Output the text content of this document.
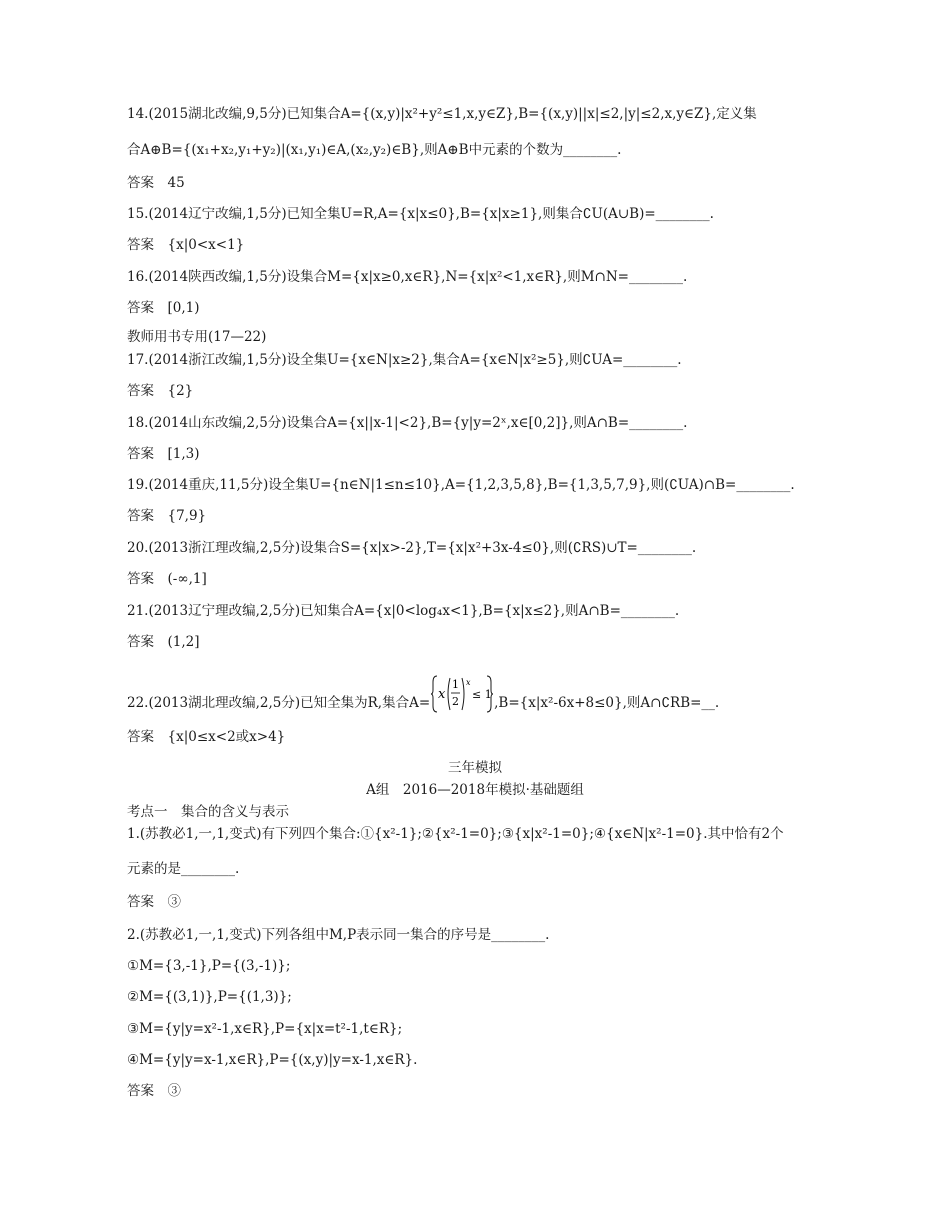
14.(2015湖北改编,9,5分)已知集合A={(x,y)|x²+y²≤1,x,y∈Z},B={(x,y)||x|≤2,|y|≤2,x,y∈Z},定义集
合A⊕B={(x₁+x₂,y₁+y₂)|(x₁,y₁)∈A,(x₂,y₂)∈B},则A⊕B中元素的个数为________.
答案　45
15.(2014辽宁改编,1,5分)已知全集U=R,A={x|x≤0},B={x|x≥1},则集合∁U(A∪B)=________.
答案　{x|0<x<1}
16.(2014陕西改编,1,5分)设集合M={x|x≥0,x∈R},N={x|x²<1,x∈R},则M∩N=________.
答案　[0,1)
教师用书专用(17—22)
17.(2014浙江改编,1,5分)设全集U={x∈N|x≥2},集合A={x∈N|x²≥5},则∁UA=________.
答案　{2}
18.(2014山东改编,2,5分)设集合A={x||x-1|<2},B={y|y=2ˣ,x∈[0,2]},则A∩B=________.
答案　[1,3)
19.(2014重庆,11,5分)设全集U={n∈N|1≤n≤10},A={1,2,3,5,8},B={1,3,5,7,9},则(∁UA)∩B=________.
答案　{7,9}
20.(2013浙江理改编,2,5分)设集合S={x|x>-2},T={x|x²+3x-4≤0},则(∁RS)∪T=________.
答案　(-∞,1]
21.(2013辽宁理改编,2,5分)已知集合A={x|0<log₄x<1},B={x|x≤2},则A∩B=________.
答案　(1,2]
22.(2013湖北理改编,2,5分)已知全集为R,集合A=
x
1
2
x
≤ 1
,B={x|x²-6x+8≤0},则A∩∁RB=__.
答案　{x|0≤x<2或x>4}
三年模拟
A组　2016—2018年模拟·基础题组
考点一　集合的含义与表示
1.(苏教必1,一,1,变式)有下列四个集合:①{x²-1};②{x²-1=0};③{x|x²-1=0};④{x∈N|x²-1=0}.其中恰有2个
元素的是________.
答案　③
2.(苏教必1,一,1,变式)下列各组中M,P表示同一集合的序号是________.
①M={3,-1},P={(3,-1)};
②M={(3,1)},P={(1,3)};
③M={y|y=x²-1,x∈R},P={x|x=t²-1,t∈R};
④M={y|y=x-1,x∈R},P={(x,y)|y=x-1,x∈R}.
答案　③
